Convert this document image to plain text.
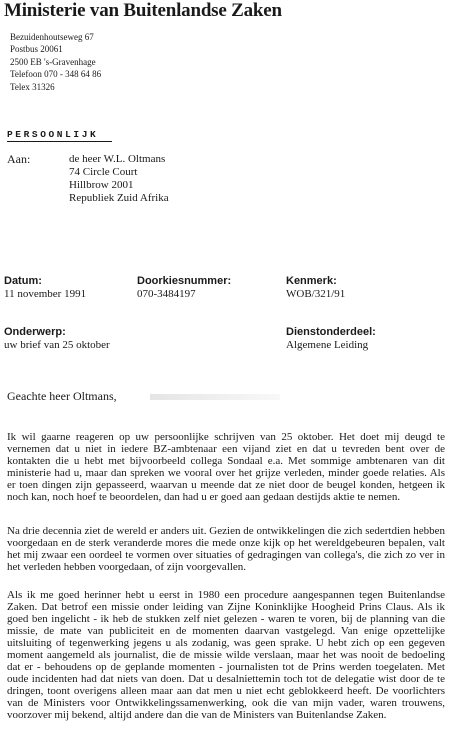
Ministerie van Buitenlandse Zaken
Bezuidenhoutseweg 67
Postbus 20061
2500 EB 's-Gravenhage
Telefoon 070 - 348 64 86
Telex 31326
PERSOONLIJK
Aan:	de heer W.L. Oltmans
74 Circle Court
Hillbrow 2001
Republiek Zuid Afrika
Datum:
11 november 1991
Doorkiesnummer:
070-3484197
Kenmerk:
WOB/321/91
Onderwerp:
uw brief van 25 oktober
Dienstonderdeel:
Algemene Leiding
Geachte heer Oltmans,
Ik wil gaarne reageren op uw persoonlijke schrijven van 25 oktober. Het doet mij deugd te vernemen dat u niet in iedere BZ-ambtenaar een vijand ziet en dat u tevreden bent over de kontakten die u hebt met bijvoorbeeld collega Sondaal e.a. Met sommige ambtenaren van dit ministerie had u, maar dan spreken we vooral over het grijze verleden, minder goede relaties. Als er toen dingen zijn gepasseerd, waarvan u meende dat ze niet door de beugel konden, hetgeen ik noch kan, noch hoef te beoordelen, dan had u er goed aan gedaan destijds aktie te nemen.
Na drie decennia ziet de wereld er anders uit. Gezien de ontwikkelingen die zich sedertdien hebben voorgedaan en de sterk veranderde mores die mede onze kijk op het wereldgebeuren bepalen, valt het mij zwaar een oordeel te vormen over situaties of gedragingen van collega's, die zich zo ver in het verleden hebben voorgedaan, of zijn voorgevallen.
Als ik me goed herinner hebt u eerst in 1980 een procedure aangespannen tegen Buitenlandse Zaken. Dat betrof een missie onder leiding van Zijne Koninklijke Hoogheid Prins Claus. Als ik goed ben ingelicht - ik heb de stukken zelf niet gelezen - waren te voren, bij de planning van die missie, de mate van publiciteit en de momenten daarvan vastgelegd. Van enige opzettelijke uitsluiting of tegenwerking jegens u als zodanig, was geen sprake. U hebt zich op een gegeven moment aangemeld als journalist, die de missie wilde verslaan, maar het was nooit de bedoeling dat er - behoudens op de geplande momenten - journalisten tot de Prins werden toegelaten. Met oude incidenten had dat niets van doen. Dat u desalniettemin toch tot de delegatie wist door de te dringen, toont overigens alleen maar aan dat men u niet echt geblokkeerd heeft. De voorlichters van de Ministers voor Ontwikkelingssamenwerking, ook die van mijn vader, waren trouwens, voorzover mij bekend, altijd andere dan die van de Ministers van Buitenlandse Zaken.
